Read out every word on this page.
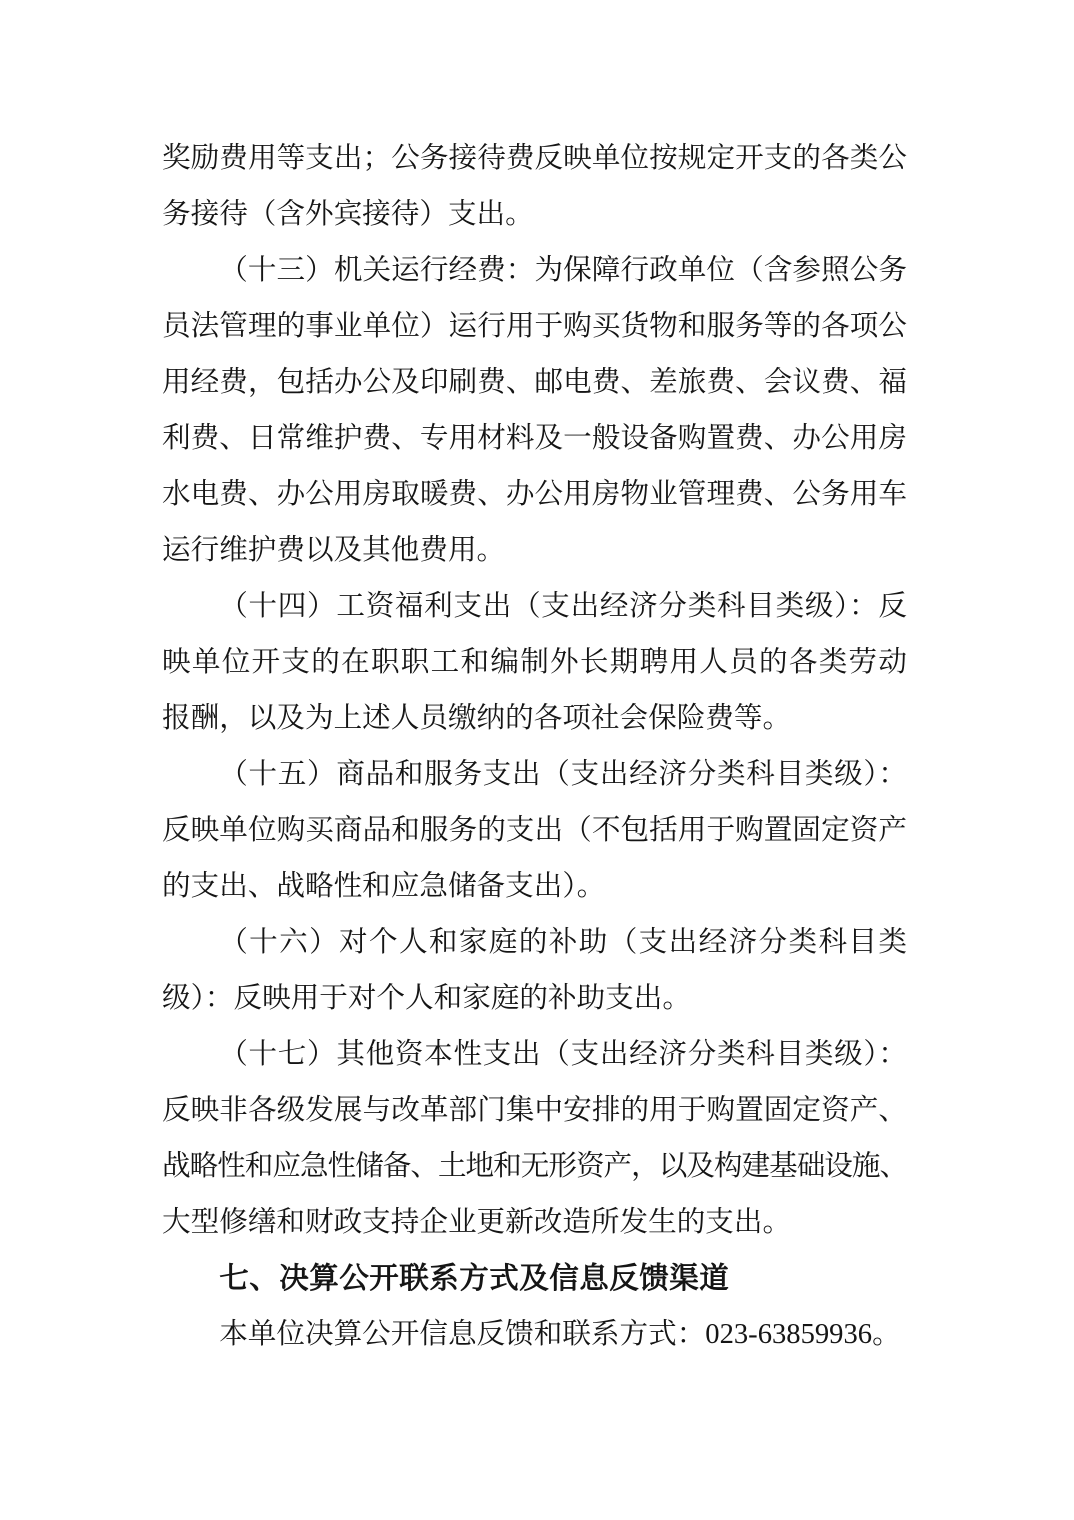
奖励费用等支出；公务接待费反映单位按规定开支的各类公
务接待（含外宾接待）支出。
（十三）机关运行经费：为保障行政单位（含参照公务
员法管理的事业单位）运行用于购买货物和服务等的各项公
用经费，包括办公及印刷费、邮电费、差旅费、会议费、福
利费、日常维护费、专用材料及一般设备购置费、办公用房
水电费、办公用房取暖费、办公用房物业管理费、公务用车
运行维护费以及其他费用。
（十四）工资福利支出（支出经济分类科目类级）：反
映单位开支的在职职工和编制外长期聘用人员的各类劳动
报酬，以及为上述人员缴纳的各项社会保险费等。
（十五）商品和服务支出（支出经济分类科目类级）：
反映单位购买商品和服务的支出（不包括用于购置固定资产
的支出、战略性和应急储备支出）。
（十六）对个人和家庭的补助（支出经济分类科目类
级）：反映用于对个人和家庭的补助支出。
（十七）其他资本性支出（支出经济分类科目类级）：
反映非各级发展与改革部门集中安排的用于购置固定资产、
战略性和应急性储备、土地和无形资产，以及构建基础设施、
大型修缮和财政支持企业更新改造所发生的支出。
七、决算公开联系方式及信息反馈渠道
本单位决算公开信息反馈和联系方式：023-63859936。
